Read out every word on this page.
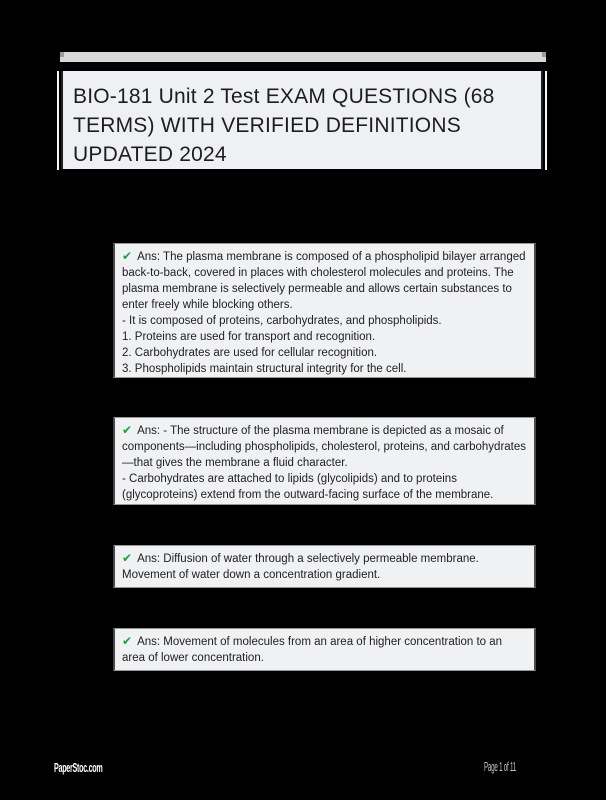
BIO-181 Unit 2 Test EXAM QUESTIONS (68 TERMS) WITH VERIFIED DEFINITIONS UPDATED 2024

✔ Ans: The plasma membrane is composed of a phospholipid bilayer arranged back-to-back, covered in places with cholesterol molecules and proteins. The plasma membrane is selectively permeable and allows certain substances to enter freely while blocking others.

- It is composed of proteins, carbohydrates, and phospholipids.

1. Proteins are used for transport and recognition.

2. Carbohydrates are used for cellular recognition.

3. Phospholipids maintain structural integrity for the cell.

✔ Ans: - The structure of the plasma membrane is depicted as a mosaic of components—including phospholipids, cholesterol, proteins, and carbohydrates—that gives the membrane a fluid character.

- Carbohydrates are attached to lipids (glycolipids) and to proteins (glycoproteins) extend from the outward-facing surface of the membrane.

✔ Ans: Diffusion of water through a selectively permeable membrane. Movement of water down a concentration gradient.

✔ Ans: Movement of molecules from an area of higher concentration to an area of lower concentration.

PaperStoc.com	Page 1 of 11
